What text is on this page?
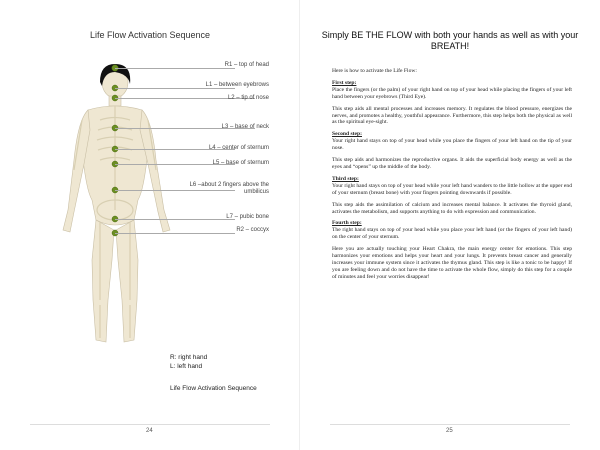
Life Flow Activation Sequence
R1 – top of head
L1 – between eyebrows
L2 – tip of nose
L3 – base of neck
L4 – center of sternum
L5 – base of sternum
L6 –about 2 fingers above the umbilicus
L7 – pubic bone
R2 – coccyx
R: right hand
L: left hand
Life Flow Activation Sequence
24
Simply BE THE FLOW with both your hands as well as with your BREATH!

Here is how to activate the Life Flow:

First step:
Place the fingers (or the palm) of your right hand on top of your head while placing the fingers of your left hand between your eyebrows (Third Eye).

This step aids all mental processes and increases memory. It regulates the blood pressure, energizes the nerves, and promotes a healthy, youthful appearance. Furthermore, this step helps both the physical as well as the spiritual eye-sight.

Second step:
Your right hand stays on top of your head while you place the fingers of your left hand on the tip of your nose.

This step aids and harmonizes the reproductive organs. It aids the superficial body energy as well as the eyes and “opens” up the middle of the body.

Third step:
Your right hand stays on top of your head while your left hand wanders to the little hollow at the upper end of your sternum (breast bone) with your fingers pointing downwards if possible.

This step aids the assimilation of calcium and increases mental balance. It activates the thyroid gland, activates the metabolism, and supports anything to do with expression and communication.

Fourth step:
The right hand stays on top of your head while you place your left hand (or the fingers of your left hand) on the center of your sternum.

Here you are actually touching your Heart Chakra, the main energy center for emotions. This step harmonizes your emotions and helps your heart and your lungs. It prevents breast cancer and generally increases your immune system since it activates the thymus gland. This step is like a tonic to be happy! If you are feeling down and do not have the time to activate the whole flow, simply do this step for a couple of minutes and feel your worries disappear!

25
